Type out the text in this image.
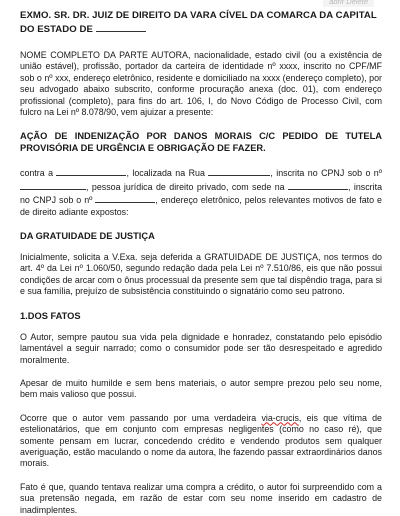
abrir Delete
EXMO. SR. DR. JUIZ DE DIREITO DA VARA CÍVEL DA COMARCA DA CAPITAL
DO ESTADO DE

NOME COMPLETO DA PARTE AUTORA, nacionalidade, estado civil (ou a existência de união estável), profissão, portador da carteira de identidade nº xxxx, inscrito no CPF/MF sob o nº xxx, endereço eletrônico, residente e domiciliado na xxxx (endereço completo), por seu advogado abaixo subscrito, conforme procuração anexa (doc. 01), com endereço profissional (completo), para fins do art. 106, I, do Novo Código de Processo Civil, com fulcro na Lei nº 8.078/90, vem ajuizar a presente:

AÇÃO DE INDENIZAÇÃO POR DANOS MORAIS C/C PEDIDO DE TUTELA PROVISÓRIA DE URGÊNCIA E OBRIGAÇÃO DE FAZER.

contra a	, localizada na Rua	, inscrita no CPNJ sob o nº , pessoa jurídica de direito privado, com sede na	, inscrita no CNPJ sob o nº	, endereço eletrônico, pelos relevantes motivos de fato e de direito adiante expostos:

DA GRATUIDADE DE JUSTIÇA

Inicialmente, solicita a V.Exa. seja deferida a GRATUIDADE DE JUSTIÇA, nos termos do art. 4º da Lei nº 1.060/50, segundo redação dada pela Lei nº 7.510/86, eis que não possui condições de arcar com o ônus processual da presente sem que tal dispêndio traga, para si e sua família, prejuízo de subsistência constituindo o signatário como seu patrono.

1.DOS FATOS

O Autor, sempre pautou sua vida pela dignidade e honradez, constatando pelo episódio lamentável a seguir narrado; como o consumidor pode ser tão desrespeitado e agredido moralmente.

Apesar de muito humilde e sem bens materiais, o autor sempre prezou pelo seu nome, bem mais valioso que possui.

Ocorre que o autor vem passando por uma verdadeira via-crucis, eis que vítima de estelionatários, que em conjunto com empresas negligentes (como no caso ré), que somente pensam em lucrar, concedendo crédito e vendendo produtos sem qualquer averiguação, estão maculando o nome da autora, lhe fazendo passar extraordinários danos morais.

Fato é que, quando tentava realizar uma compra a crédito, o autor foi surpreendido com a sua pretensão negada, em razão de estar com seu nome inserido em cadastro de inadimplentes.
